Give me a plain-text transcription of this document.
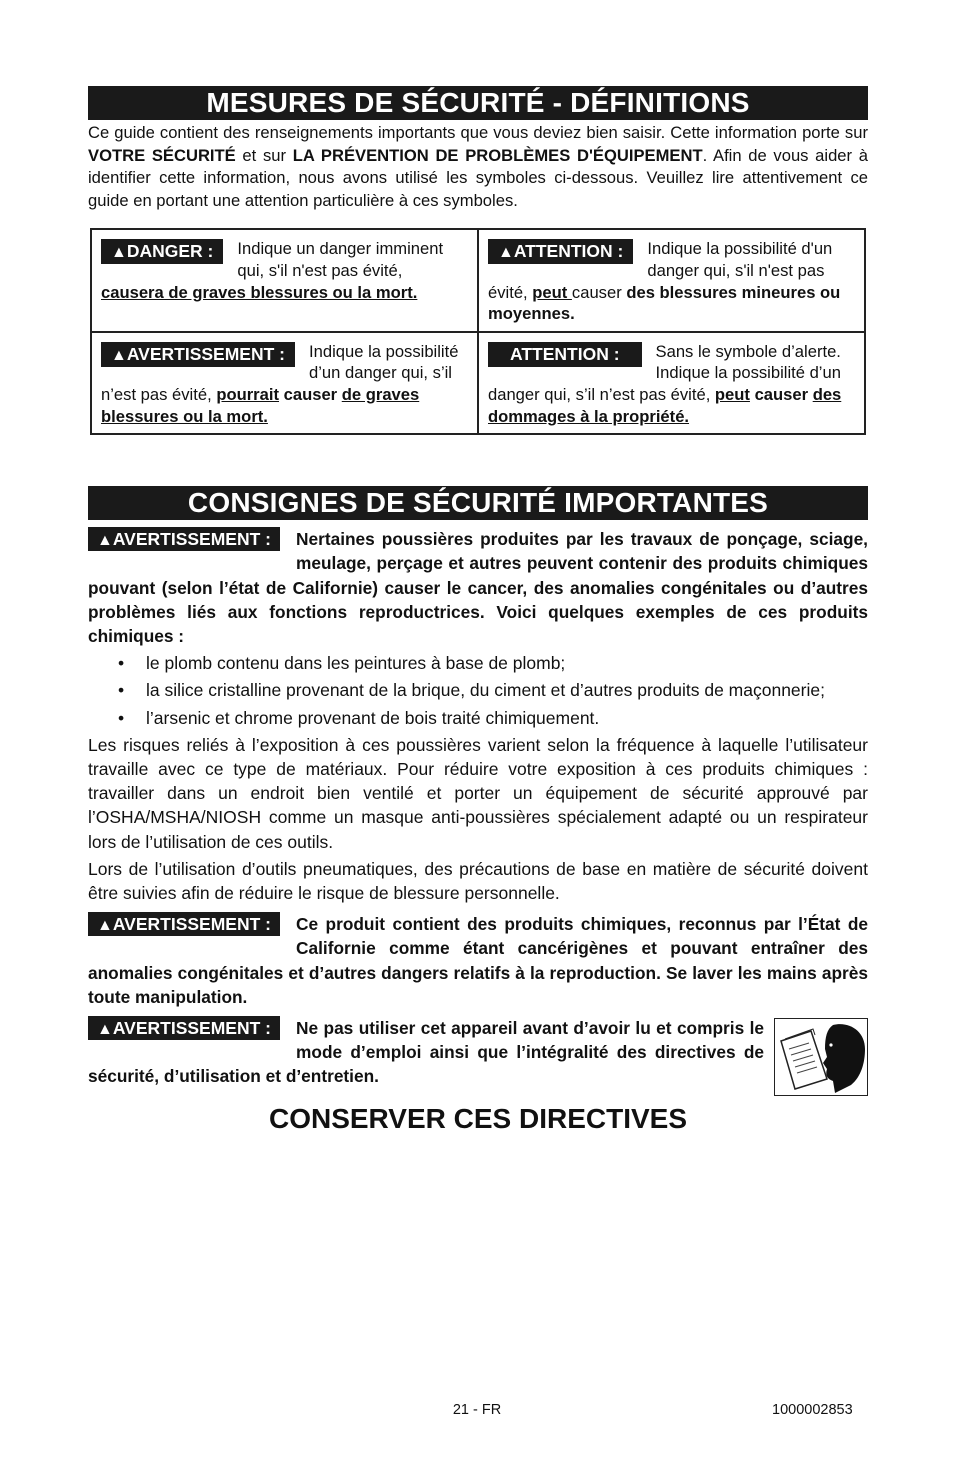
MESURES DE SÉCURITÉ - DÉFINITIONS

Ce guide contient des renseignements importants que vous deviez bien saisir. Cette information porte sur VOTRE SÉCURITÉ et sur LA PRÉVENTION DE PROBLÈMES D'ÉQUIPEMENT. Afin de vous aider à identifier cette information, nous avons utilisé les symboles ci-dessous. Veuillez lire attentivement ce guide en portant une attention particulière à ces symboles.

▲DANGER : Indique un danger imminent qui, s'il n'est pas évité, causera de graves blessures ou la mort.	▲ATTENTION : Indique la possibilité d'un danger qui, s'il n'est pas évité, peut causer des blessures mineures ou moyennes.

▲AVERTISSEMENT : Indique la possibilité d’un danger qui, s’il n’est pas évité, pourrait causer de graves blessures ou la mort.	ATTENTION : Sans le symbole d’alerte. Indique la possibilité d’un danger qui, s’il n’est pas évité, peut causer des dommages à la propriété.
CONSIGNES DE SÉCURITÉ IMPORTANTES

▲AVERTISSEMENT :	Nertaines poussières produites par les travaux de ponçage, sciage, meulage, perçage et autres peuvent contenir des produits chimiques pouvant (selon l’état de Californie) causer le cancer, des anomalies congénitales ou d’autres problèmes liés aux fonctions reproductrices. Voici quelques exemples de ces produits chimiques :

• le plomb contenu dans les peintures à base de plomb;
• la silice cristalline provenant de la brique, du ciment et d’autres produits de maçonnerie;
• l’arsenic et chrome provenant de bois traité chimiquement.

Les risques reliés à l’exposition à ces poussières varient selon la fréquence à laquelle l’utilisateur travaille avec ce type de matériaux. Pour réduire votre exposition à ces produits chimiques : travailler dans un endroit bien ventilé et porter un équipement de sécurité approuvé par l’OSHA/MSHA/NIOSH comme un masque anti-poussières spécialement adapté ou un respirateur lors de l’utilisation de ces outils.

Lors de l’utilisation d’outils pneumatiques, des précautions de base en matière de sécurité doivent être suivies afin de réduire le risque de blessure personnelle.

▲AVERTISSEMENT :	Ce produit contient des produits chimiques, reconnus par l’État de Californie comme étant cancérigènes et pouvant entraîner des anomalies congénitales et d’autres dangers relatifs à la reproduction. Se laver les mains après toute manipulation.

▲AVERTISSEMENT :	Ne pas utiliser cet appareil avant d’avoir lu et compris le mode d’emploi ainsi que l’intégralité des directives de sécurité, d’utilisation et d’entretien.

CONSERVER CES DIRECTIVES
21 - FR	1000002853
